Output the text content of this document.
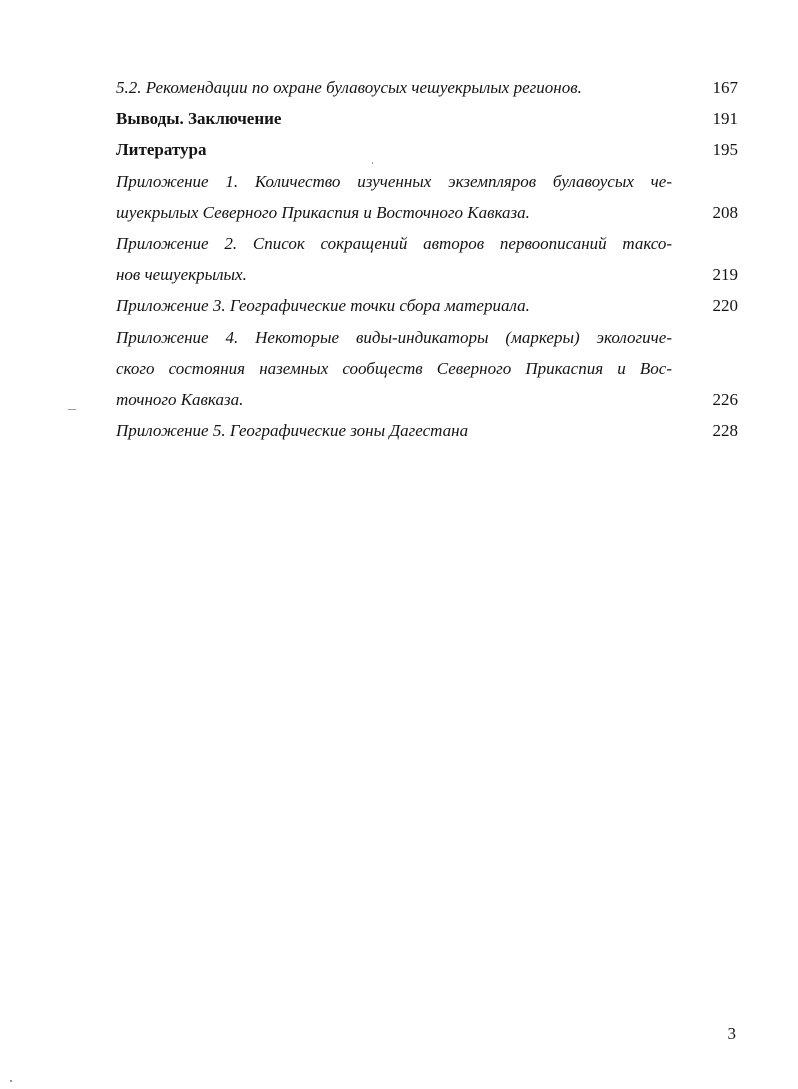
5.2. Рекомендации по охране булавоусых чешуекрылых регионов.	167
Выводы. Заключение	191
Литература	195
Приложение 1. Количество изученных экземпляров булавоусых че-
шуекрылых Северного Прикаспия и Восточного Кавказа.	208
Приложение 2. Список сокращений авторов первоописаний таксо-
нов чешуекрылых.	219
Приложение 3. Географические точки сбора материала.	220
Приложение 4. Некоторые виды-индикаторы (маркеры) экологиче-
ского состояния наземных сообществ Северного Прикаспия и Вос-
точного Кавказа.	226
Приложение 5. Географические зоны Дагестана	228
3
